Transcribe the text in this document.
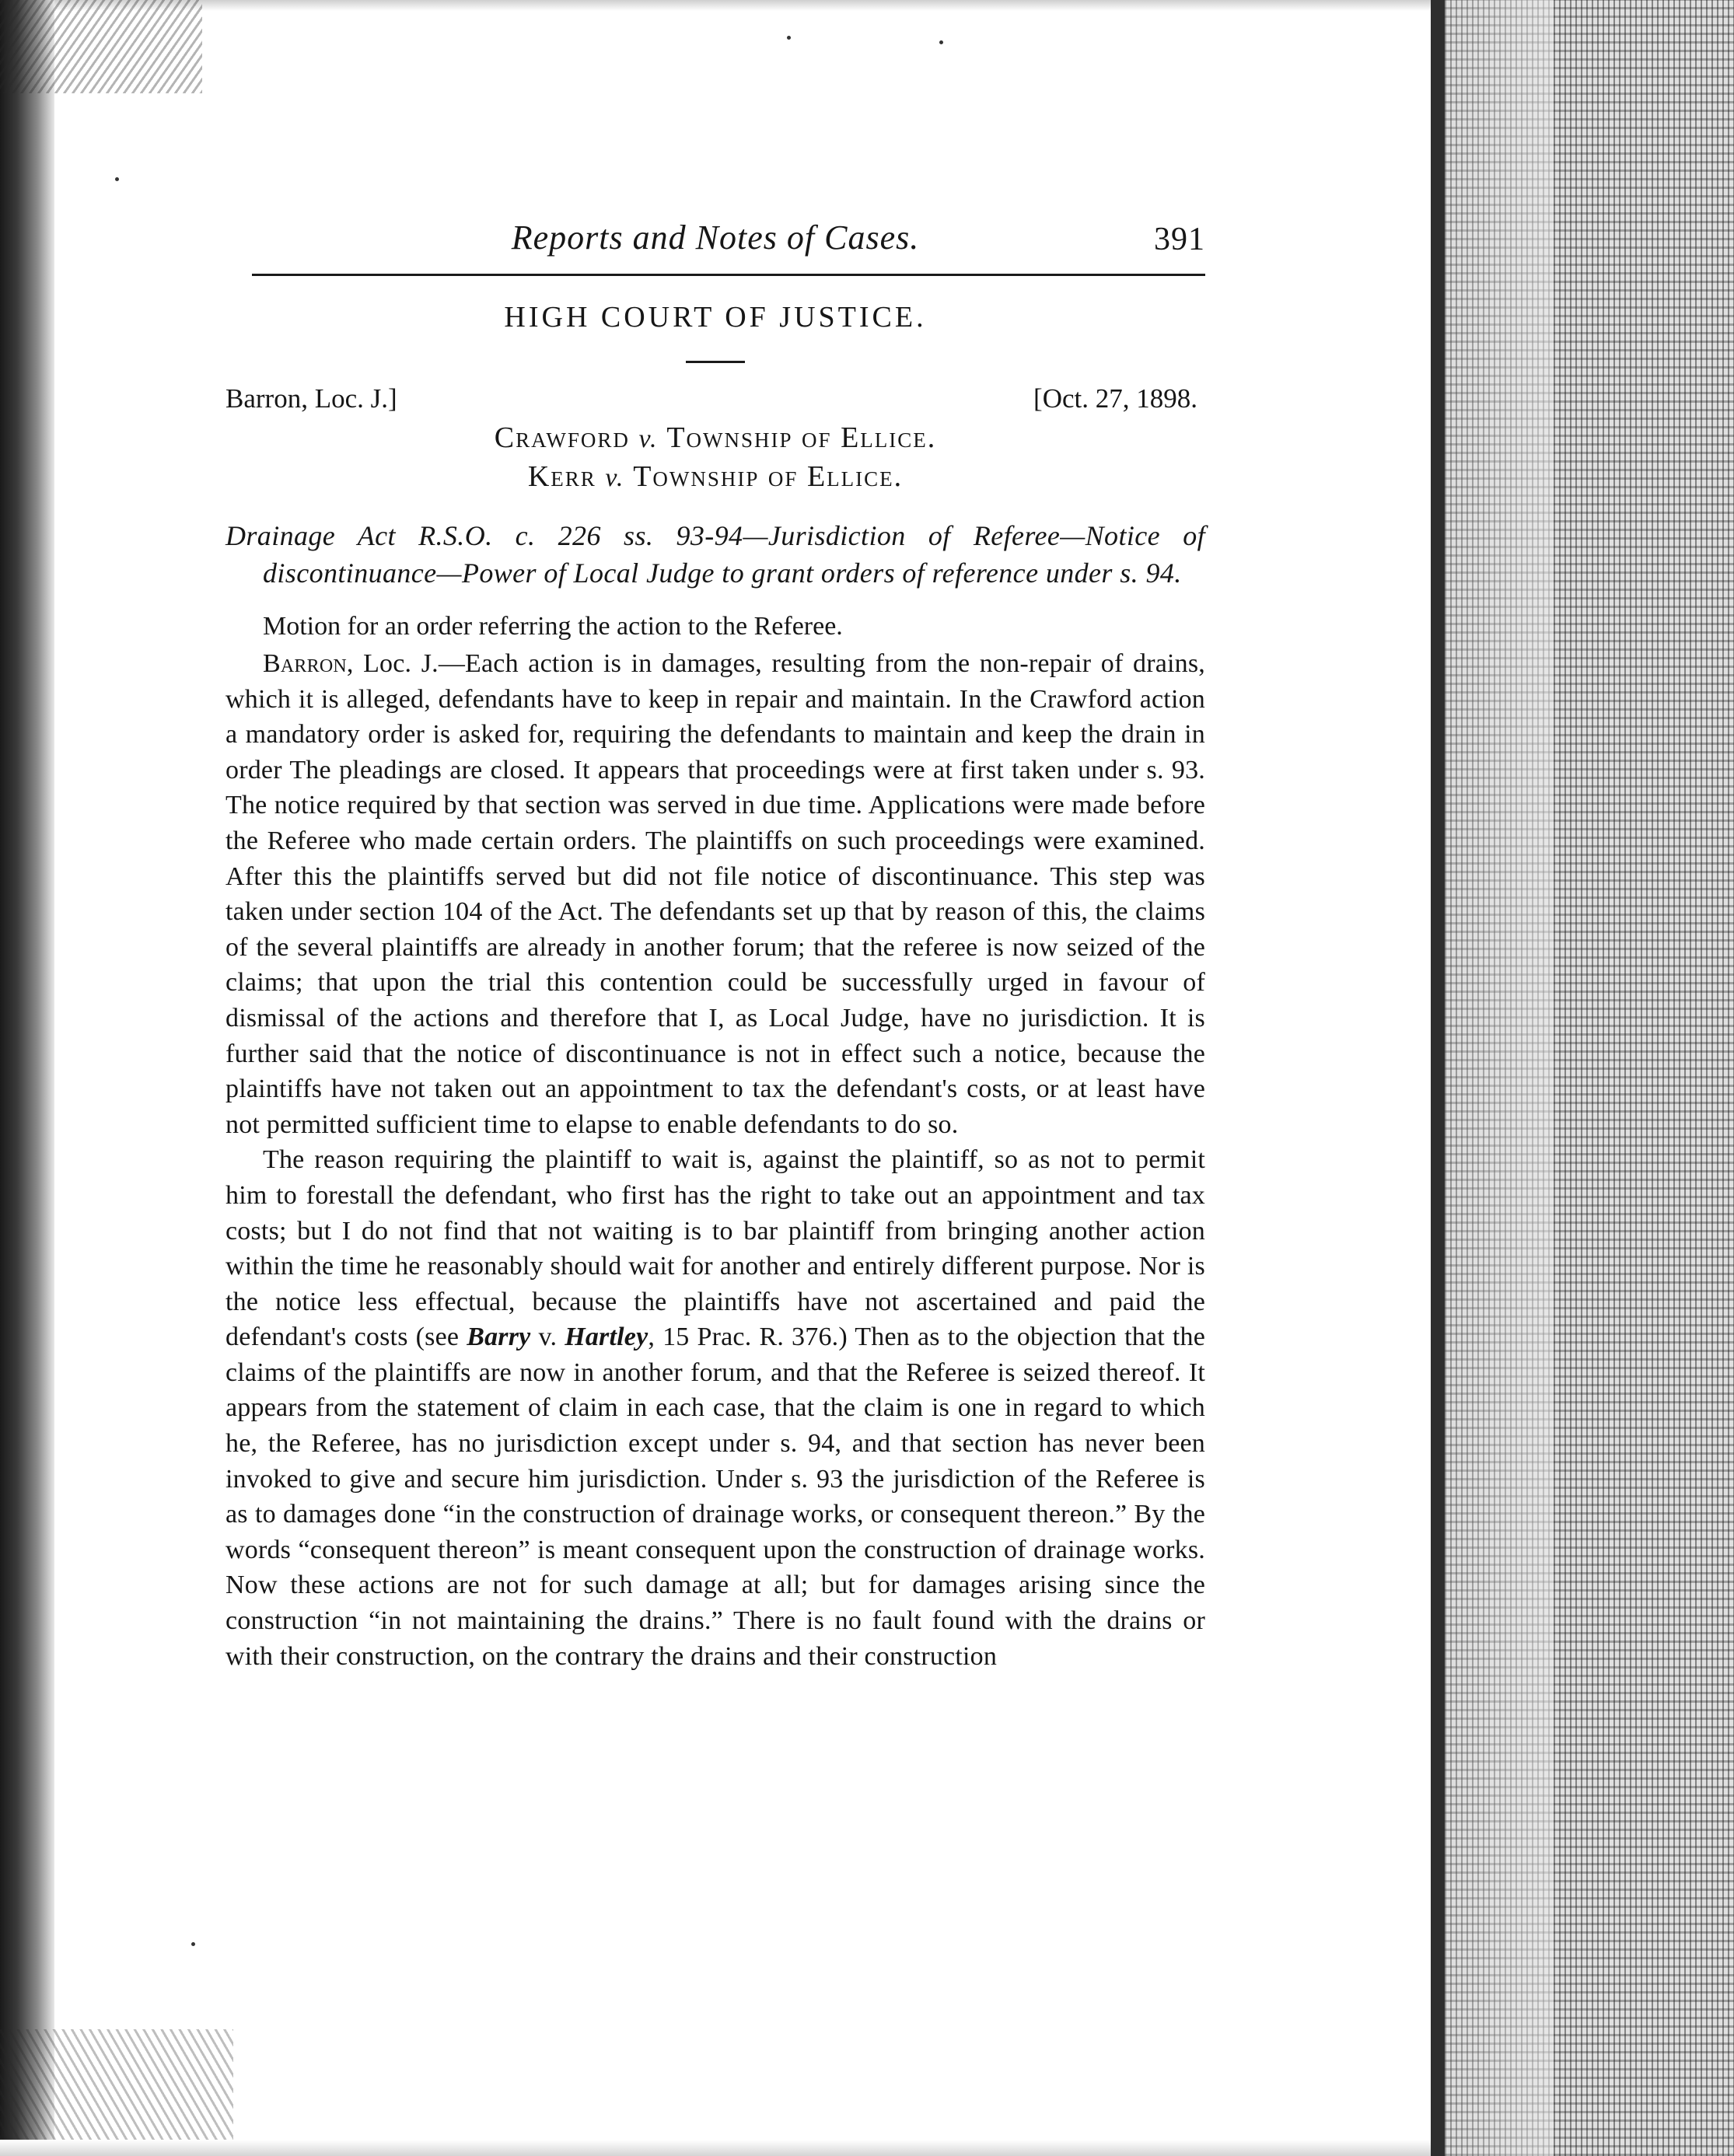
Reports and Notes of Cases.	391
HIGH COURT OF JUSTICE.
Barron, Loc. J.]	[Oct. 27, 1898.
Crawford v. Township of Ellice.
Kerr v. Township of Ellice.
Drainage Act R.S.O. c. 226 ss. 93-94—Jurisdiction of Referee—Notice of discontinuance—Power of Local Judge to grant orders of reference under s. 94.
Motion for an order referring the action to the Referee.

Barron, Loc. J.—Each action is in damages, resulting from the non-repair of drains, which it is alleged, defendants have to keep in repair and maintain. In the Crawford action a mandatory order is asked for, requiring the defendants to maintain and keep the drain in order The pleadings are closed. It appears that proceedings were at first taken under s. 93. The notice required by that section was served in due time. Applications were made before the Referee who made certain orders. The plaintiffs on such proceedings were examined. After this the plaintiffs served but did not file notice of discontinuance. This step was taken under section 104 of the Act. The defendants set up that by reason of this, the claims of the several plaintiffs are already in another forum; that the referee is now seized of the claims; that upon the trial this contention could be successfully urged in favour of dismissal of the actions and therefore that I, as Local Judge, have no jurisdiction. It is further said that the notice of discontinuance is not in effect such a notice, because the plaintiffs have not taken out an appointment to tax the defendant's costs, or at least have not permitted sufficient time to elapse to enable defendants to do so.

The reason requiring the plaintiff to wait is, against the plaintiff, so as not to permit him to forestall the defendant, who first has the right to take out an appointment and tax costs; but I do not find that not waiting is to bar plaintiff from bringing another action within the time he reasonably should wait for another and entirely different purpose. Nor is the notice less effectual, because the plaintiffs have not ascertained and paid the defendant's costs (see Barry v. Hartley, 15 Prac. R. 376.) Then as to the objection that the claims of the plaintiffs are now in another forum, and that the Referee is seized thereof. It appears from the statement of claim in each case, that the claim is one in regard to which he, the Referee, has no jurisdiction except under s. 94, and that section has never been invoked to give and secure him jurisdiction. Under s. 93 the jurisdiction of the Referee is as to damages done “in the construction of drainage works, or consequent thereon.” By the words “consequent thereon” is meant consequent upon the construction of drainage works. Now these actions are not for such damage at all; but for damages arising since the construction “in not maintaining the drains.” There is no fault found with the drains or with their construction, on the contrary the drains and their construction
